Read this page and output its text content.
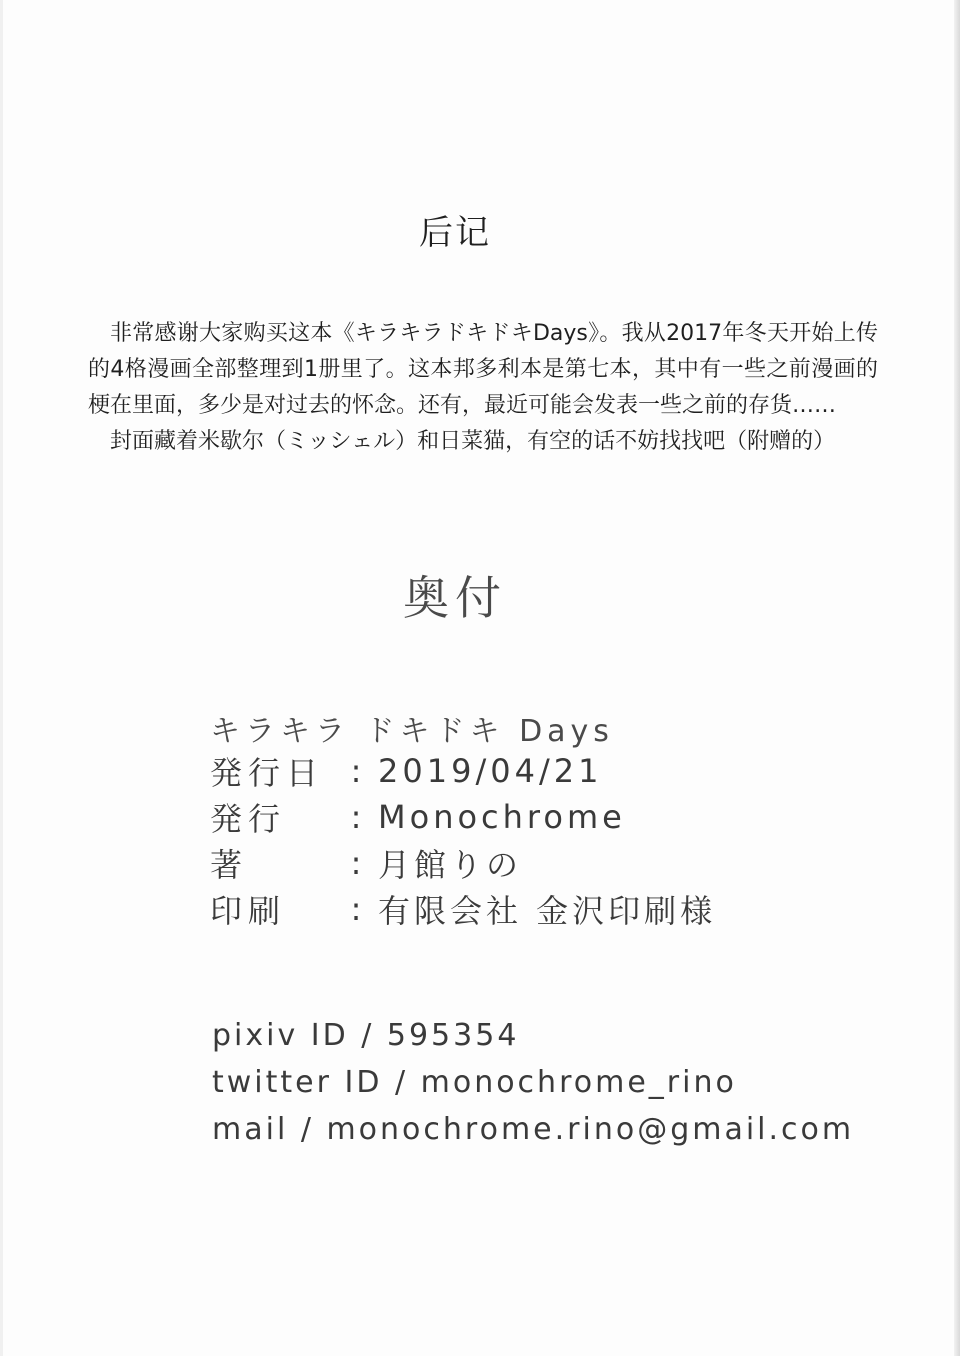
后记

非常感谢大家购买这本《キラキラドキドキDays》。我从2017年冬天开始上传的4格漫画全部整理到1册里了。这本邦多利本是第七本，其中有一些之前漫画的梗在里面，多少是对过去的怀念。还有，最近可能会发表一些之前的存货……

封面藏着米歇尔（ミッシェル）和日菜猫，有空的话不妨找找吧（附赠的）

奥付
キラキラ ドキドキ Days
発行日 : 2019/04/21
発行	: Monochrome
著	: 月館りの
印刷	: 有限会社 金沢印刷様
pixiv ID / 595354
twitter ID / monochrome_rino
mail / monochrome.rino@gmail.com
